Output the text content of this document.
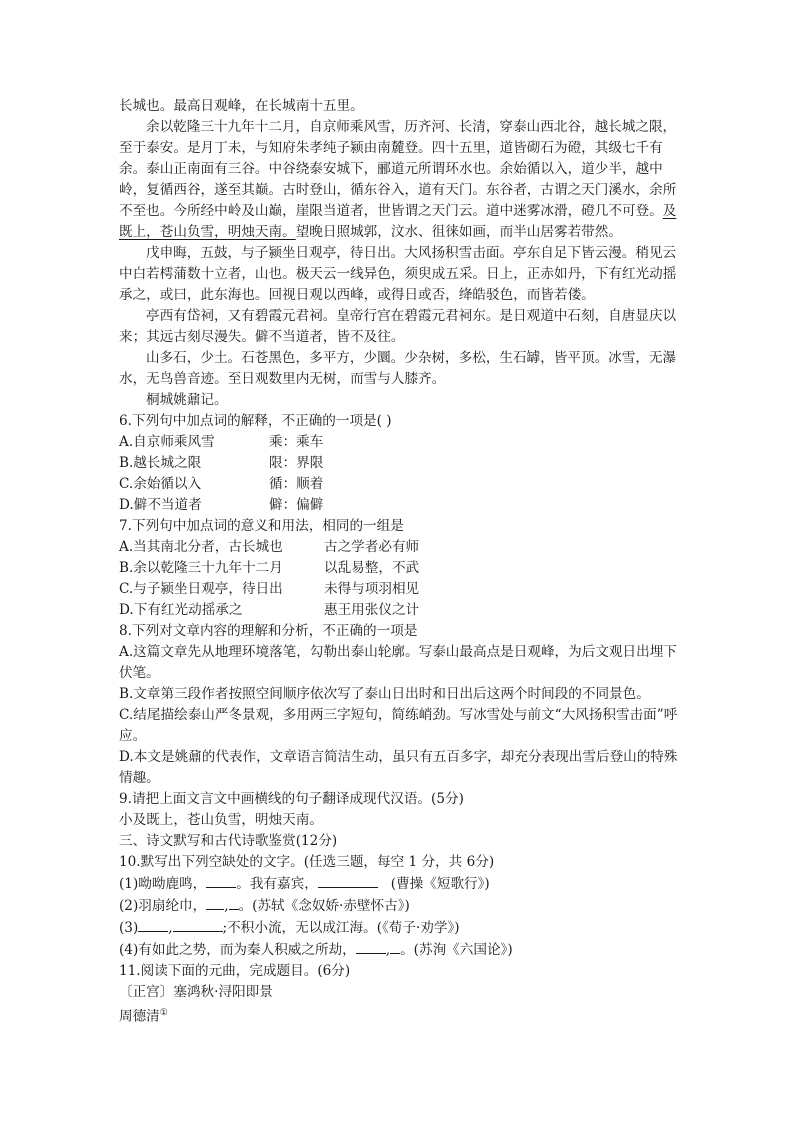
长城也。最高日观峰，在长城南十五里。

余以乾隆三十九年十二月，自京师乘风雪，历齐河、长清，穿泰山西北谷，越长城之限，至于泰安。是月丁未，与知府朱孝纯子颍由南麓登。四十五里，道皆砌石为磴，其级七千有余。泰山正南面有三谷。中谷绕泰安城下，郦道元所谓环水也。余始循以入，道少半，越中岭，复循西谷，遂至其巅。古时登山，循东谷入，道有天门。东谷者，古谓之天门溪水，余所不至也。今所经中岭及山巅，崖限当道者，世皆谓之天门云。道中迷雾冰滑，磴几不可登。及既上，苍山负雪，明烛天南。望晚日照城郭，汶水、徂徕如画，而半山居雾若带然。

戊申晦，五鼓，与子颍坐日观亭，待日出。大风扬积雪击面。亭东自足下皆云漫。稍见云中白若樗蒲数十立者，山也。极天云一线异色，须臾成五采。日上，正赤如丹，下有红光动摇承之，或曰，此东海也。回视日观以西峰，或得日或否，绛皓驳色，而皆若偻。

亭西有岱祠，又有碧霞元君祠。皇帝行宫在碧霞元君祠东。是日观道中石刻，自唐显庆以来；其远古刻尽漫失。僻不当道者，皆不及往。

山多石，少土。石苍黑色，多平方，少圜。少杂树，多松，生石罅，皆平顶。冰雪，无瀑水，无鸟兽音迹。至日观数里内无树，而雪与人膝齐。

桐城姚鼐记。

6.下列句中加点词的解释，不正确的一项是( )

A.自京师乘风雪	乘：乘车
B.越长城之限	限：界限
C.余始循以入	循：顺着
D.僻不当道者	僻：偏僻

7.下列句中加点词的意义和用法，相同的一组是

A.当其南北分者，古长城也	古之学者必有师
B.余以乾隆三十九年十二月	以乱易整，不武
C.与子颍坐日观亭，待日出	未得与项羽相见
D.下有红光动摇承之	惠王用张仪之计

8.下列对文章内容的理解和分析，不正确的一项是

A.这篇文章先从地理环境落笔，勾勒出泰山轮廓。写泰山最高点是日观峰，为后文观日出埋下伏笔。

B.文章第三段作者按照空间顺序依次写了泰山日出时和日出后这两个时间段的不同景色。

C.结尾描绘泰山严冬景观，多用两三字短句，简练峭劲。写冰雪处与前文“大风扬积雪击面”呼应。

D.本文是姚鼐的代表作，文章语言简洁生动，虽只有五百多字，却充分表现出雪后登山的特殊情趣。

9.请把上面文言文中画横线的句子翻译成现代汉语。(5分)

小及既上，苍山负雪，明烛天南。

三、诗文默写和古代诗歌鉴赏(12分)

10.默写出下列空缺处的文字。(任选三题，每空 1 分，共 6分)

(1)呦呦鹿鸣， 。我有嘉宾，	(曹操《短歌行》)

(2)羽扇纶巾， , 。(苏轼《念奴娇·赤壁怀古》)

(3) ,	;不积小流，无以成江海。(《荀子·劝学》)

(4)有如此之势，而为秦人积威之所劫， , 。(苏洵《六国论》)

11.阅读下面的元曲，完成题目。(6分)

〔正宫〕塞鸿秋·浔阳即景

周德清①
